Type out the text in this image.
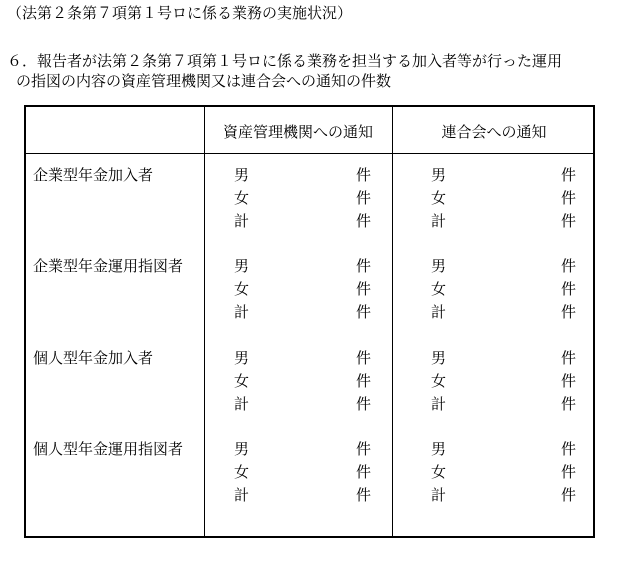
（法第２条第７項第１号ロに係る業務の実施状況）
６．報告者が法第２条第７項第１号ロに係る業務を担当する加入者等が行った運用
の指図の内容の資産管理機関又は連合会への通知の件数
資産管理機関への通知	連合会への通知
企業型年金加入者	男	件	男	件
女	件	女	件
計	件	計	件
企業型年金運用指図者	男	件	男	件
女	件	女	件
計	件	計	件
個人型年金加入者	男	件	男	件
女	件	女	件
計	件	計	件
個人型年金運用指図者	男	件	男	件
女	件	女	件
計	件	計	件
